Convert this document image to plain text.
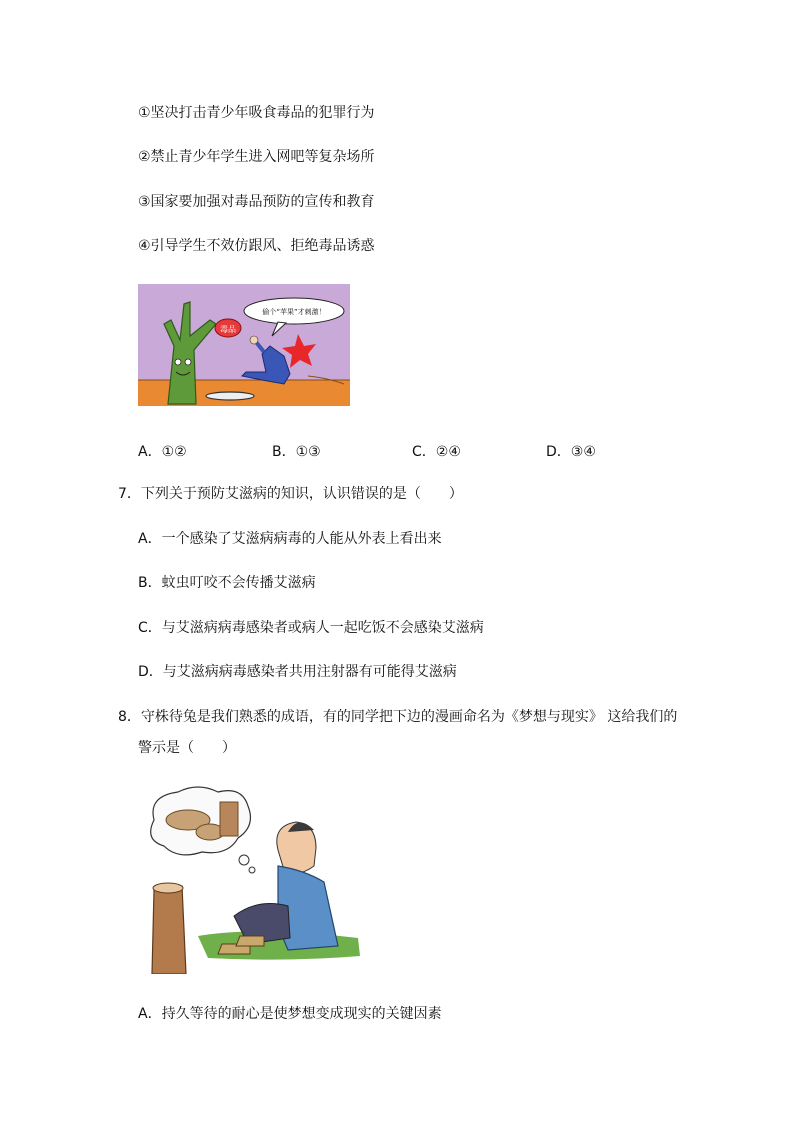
①坚决打击青少年吸食毒品的犯罪行为
②禁止青少年学生进入网吧等复杂场所
③国家要加强对毒品预防的宣传和教育
④引导学生不效仿跟风、拒绝毒品诱惑
毒品
偷个“苹果”才刺激！
A．①②	B．①③	C．②④	D．③④
7．下列关于预防艾滋病的知识，认识错误的是（　　）
A．一个感染了艾滋病病毒的人能从外表上看出来
B．蚊虫叮咬不会传播艾滋病
C．与艾滋病病毒感染者或病人一起吃饭不会感染艾滋病
D．与艾滋病病毒感染者共用注射器有可能得艾滋病
8．守株待兔是我们熟悉的成语，有的同学把下边的漫画命名为《梦想与现实》 这给我们的
警示是（　　）
A．持久等待的耐心是使梦想变成现实的关键因素
